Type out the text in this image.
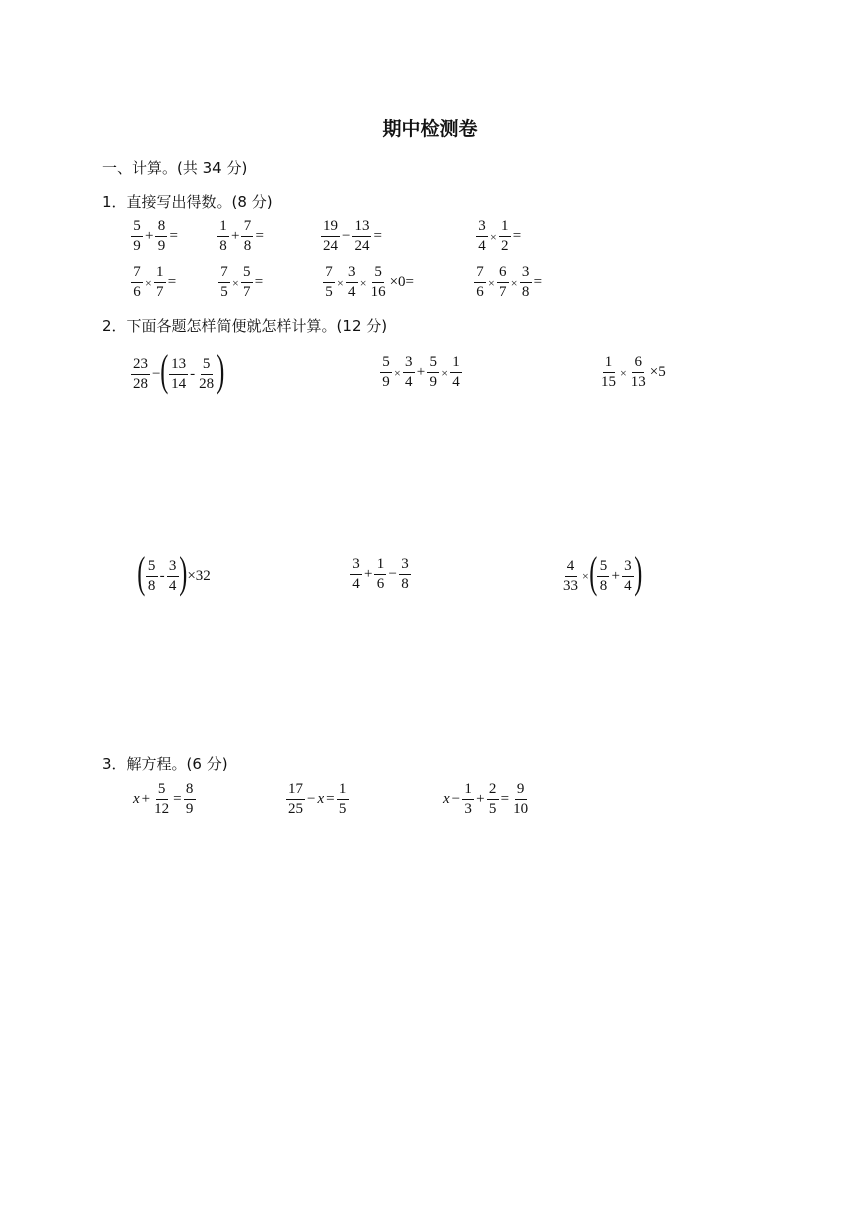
期中检测卷
一、计算。(共 34 分)
1．直接写出得数。(8 分)
$\frac{5}{9} + \frac{8}{9}$ =	$\frac{1}{8} + \frac{7}{8}$ =	$\frac{19}{24} - \frac{13}{24}$ =	$\frac{3}{4} \times \frac{1}{2}$ =
$\frac{7}{6} \times \frac{1}{7}$ =	$\frac{7}{5} \times \frac{5}{7}$ =	$\frac{7}{5} \times \frac{3}{4} \times \frac{5}{16} \times 0=$	$\frac{7}{6} \times \frac{6}{7} \times \frac{3}{8}$ =
2．下面各题怎样简便就怎样计算。(12 分)
$\frac{23}{28}$ − ( $\frac{13}{14} - \frac{5}{28}$ )	$\frac{5}{9} \times \frac{3}{4} + \frac{5}{9} \times \frac{1}{4}$	$\frac{1}{15} \times \frac{6}{13} \times 5$
( $\frac{5}{8} - \frac{3}{4}$ ) ×32	$\frac{3}{4} + \frac{1}{6} - \frac{3}{8}$	$\frac{4}{33}$ × ( $\frac{5}{8} + \frac{3}{4}$ )
3．解方程。(6 分)
$x + \frac{5}{12} = \frac{8}{9}$	$\frac{17}{25} - x = \frac{1}{5}$	$x - \frac{1}{3} + \frac{2}{5} = \frac{9}{10}$
